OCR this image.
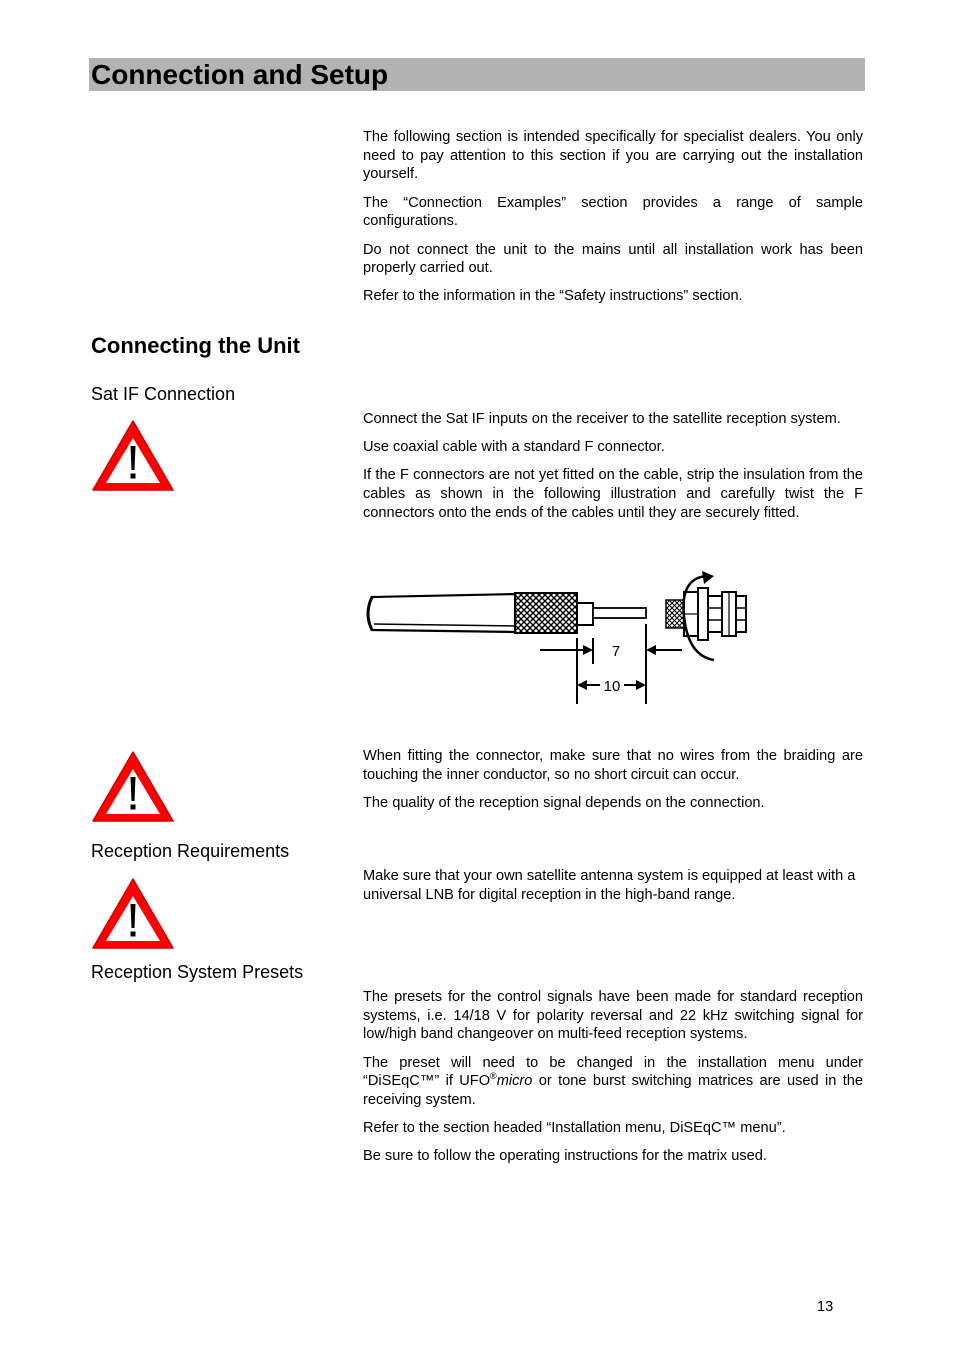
Connection and Setup

The following section is intended specifically for specialist dealers. You only need to pay attention to this section if you are carrying out the installation yourself.

The “Connection Examples” section provides a range of sample configurations.

Do not connect the unit to the mains until all installation work has been properly carried out.

Refer to the information in the “Safety instructions” section.

Connecting the Unit
Sat IF Connection

Connect the Sat IF inputs on the receiver to the satellite reception system.

Use coaxial cable with a standard F connector.

If the F connectors are not yet fitted on the cable, strip the insulation from the cables as shown in the following illustration and carefully twist the F connectors onto the ends of the cables until they are securely fitted.

7
10

When fitting the connector, make sure that no wires from the braiding are touching the inner conductor, so no short circuit can occur.

The quality of the reception signal depends on the connection.

Reception Requirements

Make sure that your own satellite antenna system is equipped at least with a universal LNB for digital reception in the high-band range.

Reception System Presets

The presets for the control signals have been made for standard reception systems, i.e. 14/18 V for polarity reversal and 22 kHz switching signal for low/high band changeover on multi-feed reception systems.

The preset will need to be changed in the installation menu under “DiSEqC™” if UFO®micro or tone burst switching matrices are used in the receiving system.

Refer to the section headed “Installation menu, DiSEqC™ menu”.

Be sure to follow the operating instructions for the matrix used.

13
